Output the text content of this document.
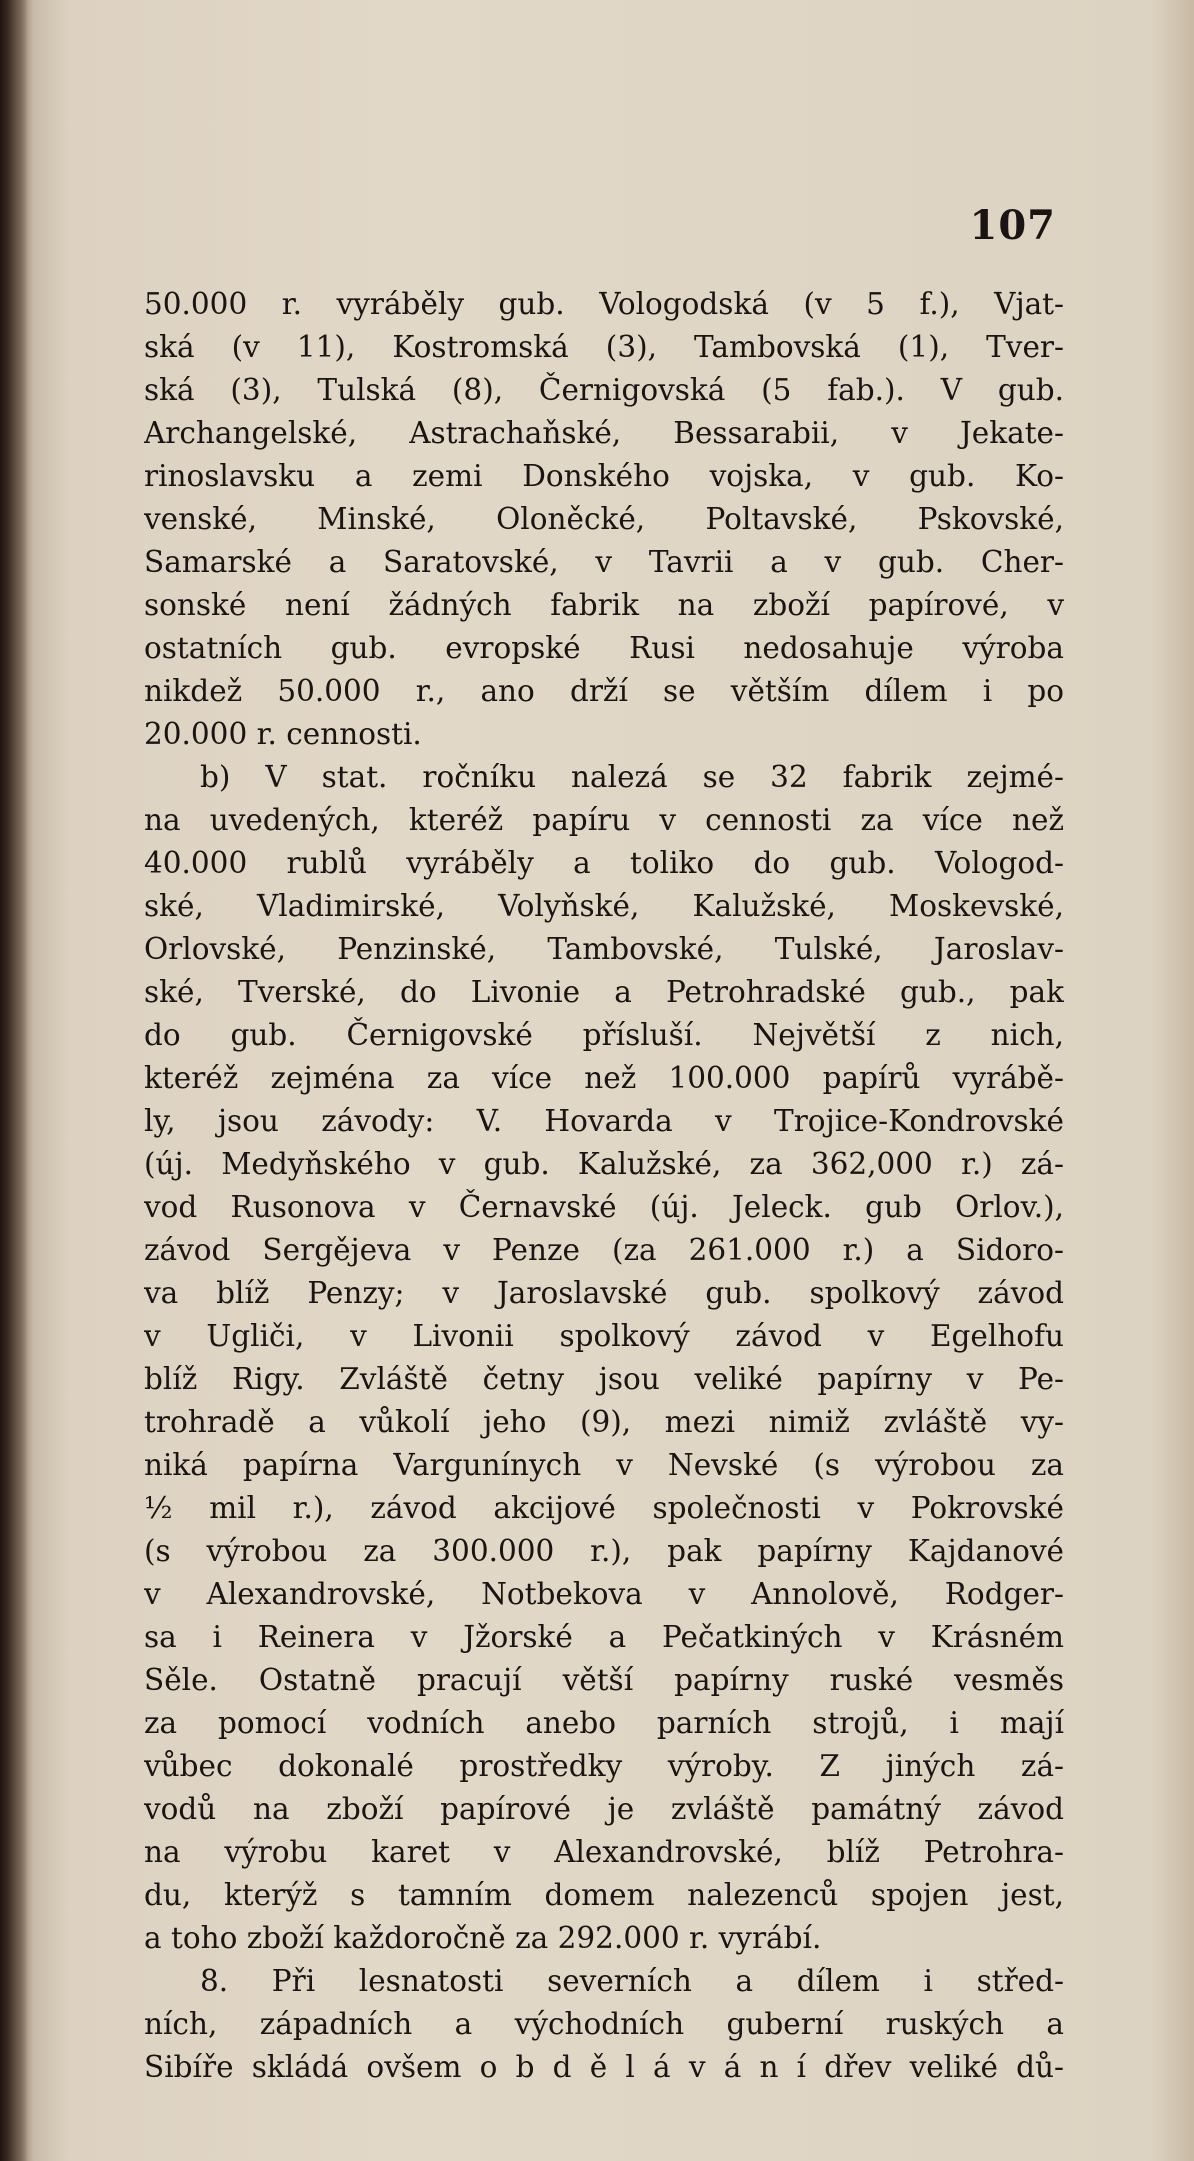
107
50.000 r. vyráběly gub. Vologodská (v 5 f.), Vjat-
ská (v 11), Kostromská (3), Tambovská (1), Tver-
ská (3), Tulská (8), Černigovská (5 fab.). V gub.
Archangelské, Astrachaňské, Bessarabii, v Jekate-
rinoslavsku a zemi Donského vojska, v gub. Ko-
venské, Minské, Oloněcké, Poltavské, Pskovské,
Samarské a Saratovské, v Tavrii a v gub. Cher-
sonské není žádných fabrik na zboží papírové, v
ostatních gub. evropské Rusi nedosahuje výroba
nikdež 50.000 r., ano drží se větším dílem i po
20.000 r. cennosti.
b) V stat. ročníku nalezá se 32 fabrik zejmé-
na uvedených, kteréž papíru v cennosti za více než
40.000 rublů vyráběly a toliko do gub. Vologod-
ské, Vladimirské, Volyňské, Kalužské, Moskevské,
Orlovské, Penzinské, Tambovské, Tulské, Jaroslav-
ské, Tverské, do Livonie a Petrohradské gub., pak
do gub. Černigovské přísluší. Největší z nich,
kteréž zejména za více než 100.000 papírů vyrábě-
ly, jsou závody: V. Hovarda v Trojice-Kondrovské
(új. Medyňského v gub. Kalužské, za 362,000 r.) zá-
vod Rusonova v Černavské (új. Jeleck. gub Orlov.),
závod Sergějeva v Penze (za 261.000 r.) a Sidoro-
va blíž Penzy; v Jaroslavské gub. spolkový závod
v Ugliči, v Livonii spolkový závod v Egelhofu
blíž Rigy. Zvláště četny jsou veliké papírny v Pe-
trohradě a vůkolí jeho (9), mezi nimiž zvláště vy-
niká papírna Vargunínych v Nevské (s výrobou za
½ mil r.), závod akcijové společnosti v Pokrovské
(s výrobou za 300.000 r.), pak papírny Kajdanové
v Alexandrovské, Notbekova v Annolově, Rodger-
sa i Reinera v Jžorské a Pečatkiných v Krásném
Sěle. Ostatně pracují větší papírny ruské vesměs
za pomocí vodních anebo parních strojů, i mají
vůbec dokonalé prostředky výroby. Z jiných zá-
vodů na zboží papírové je zvláště památný závod
na výrobu karet v Alexandrovské, blíž Petrohra-
du, kterýž s tamním domem nalezenců spojen jest,
a toho zboží každoročně za 292.000 r. vyrábí.
8. Při lesnatosti severních a dílem i střed-
ních, západních a východních guberní ruských a
Sibíře skládá ovšem o b d ě l á v á n í dřev veliké dů-
